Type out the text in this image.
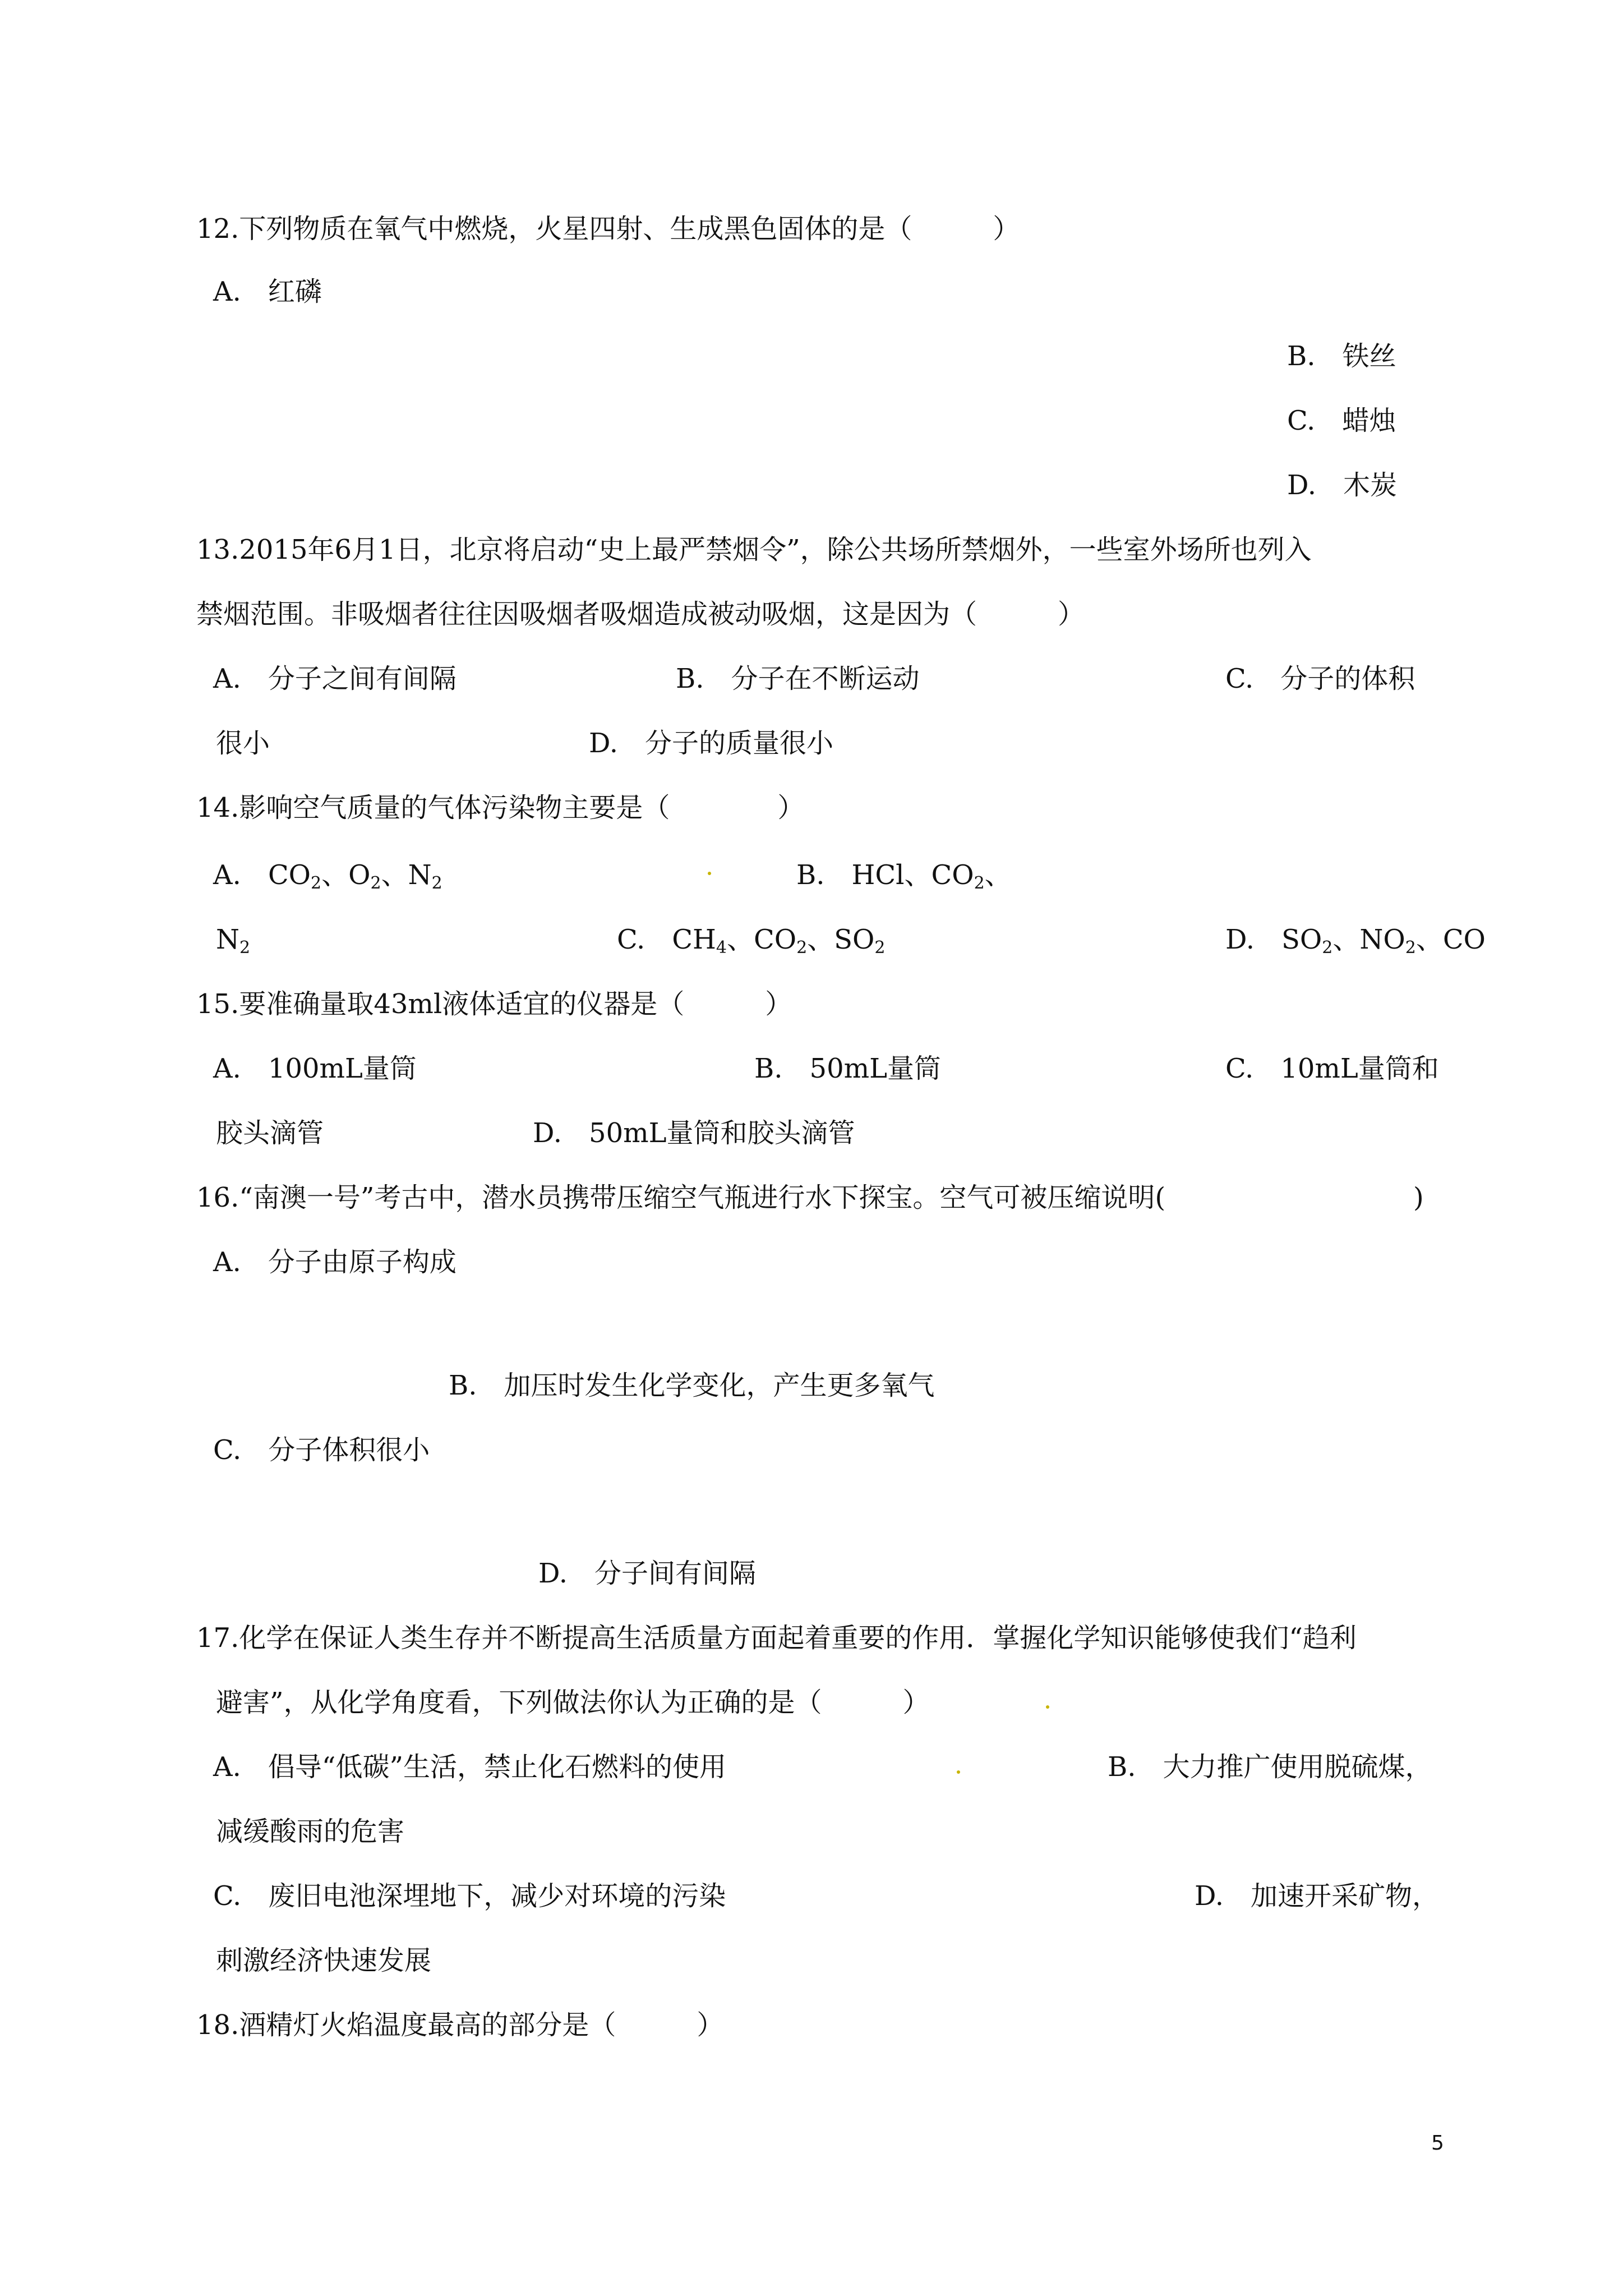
12.下列物质在氧气中燃烧，火星四射、生成黑色固体的是（　　　）
A.　红磷
B.　铁丝
C.　蜡烛
D.　木炭
13.2015年6月1日，北京将启动“史上最严禁烟令”，除公共场所禁烟外，一些室外场所也列入
禁烟范围。非吸烟者往往因吸烟者吸烟造成被动吸烟，这是因为（　　　）
A.　分子之间有间隔	B.　分子在不断运动	C.　分子的体积
很小	D.　分子的质量很小
14.影响空气质量的气体污染物主要是（　　　　）
A.　 $CO_2$、$O_2$、$N_2$	B.　 HCl、$CO_2$、
$N_2$	C.　 $CH_4$、$CO_2$、$SO_2$	D.　 $SO_2$、$NO_2$、CO
15.要准确量取43ml液体适宜的仪器是（　　　）
A.　100mL量筒	B.　50mL量筒	C.　10mL量筒和
胶头滴管	D.　50mL量筒和胶头滴管
16.“南澳一号”考古中，潜水员携带压缩空气瓶进行水下探宝。空气可被压缩说明(	)
A.　分子由原子构成
B.　加压时发生化学变化，产生更多氧气
C.　分子体积很小
D.　分子间有间隔
17.化学在保证人类生存并不断提高生活质量方面起着重要的作用．掌握化学知识能够使我们“趋利
避害”，从化学角度看，下列做法你认为正确的是（　　　）
A.　倡导“低碳”生活，禁止化石燃料的使用	B.　大力推广使用脱硫煤，
减缓酸雨的危害
C.　废旧电池深埋地下，减少对环境的污染	D.　加速开采矿物，
刺激经济快速发展
18.酒精灯火焰温度最高的部分是（　　　）
5
